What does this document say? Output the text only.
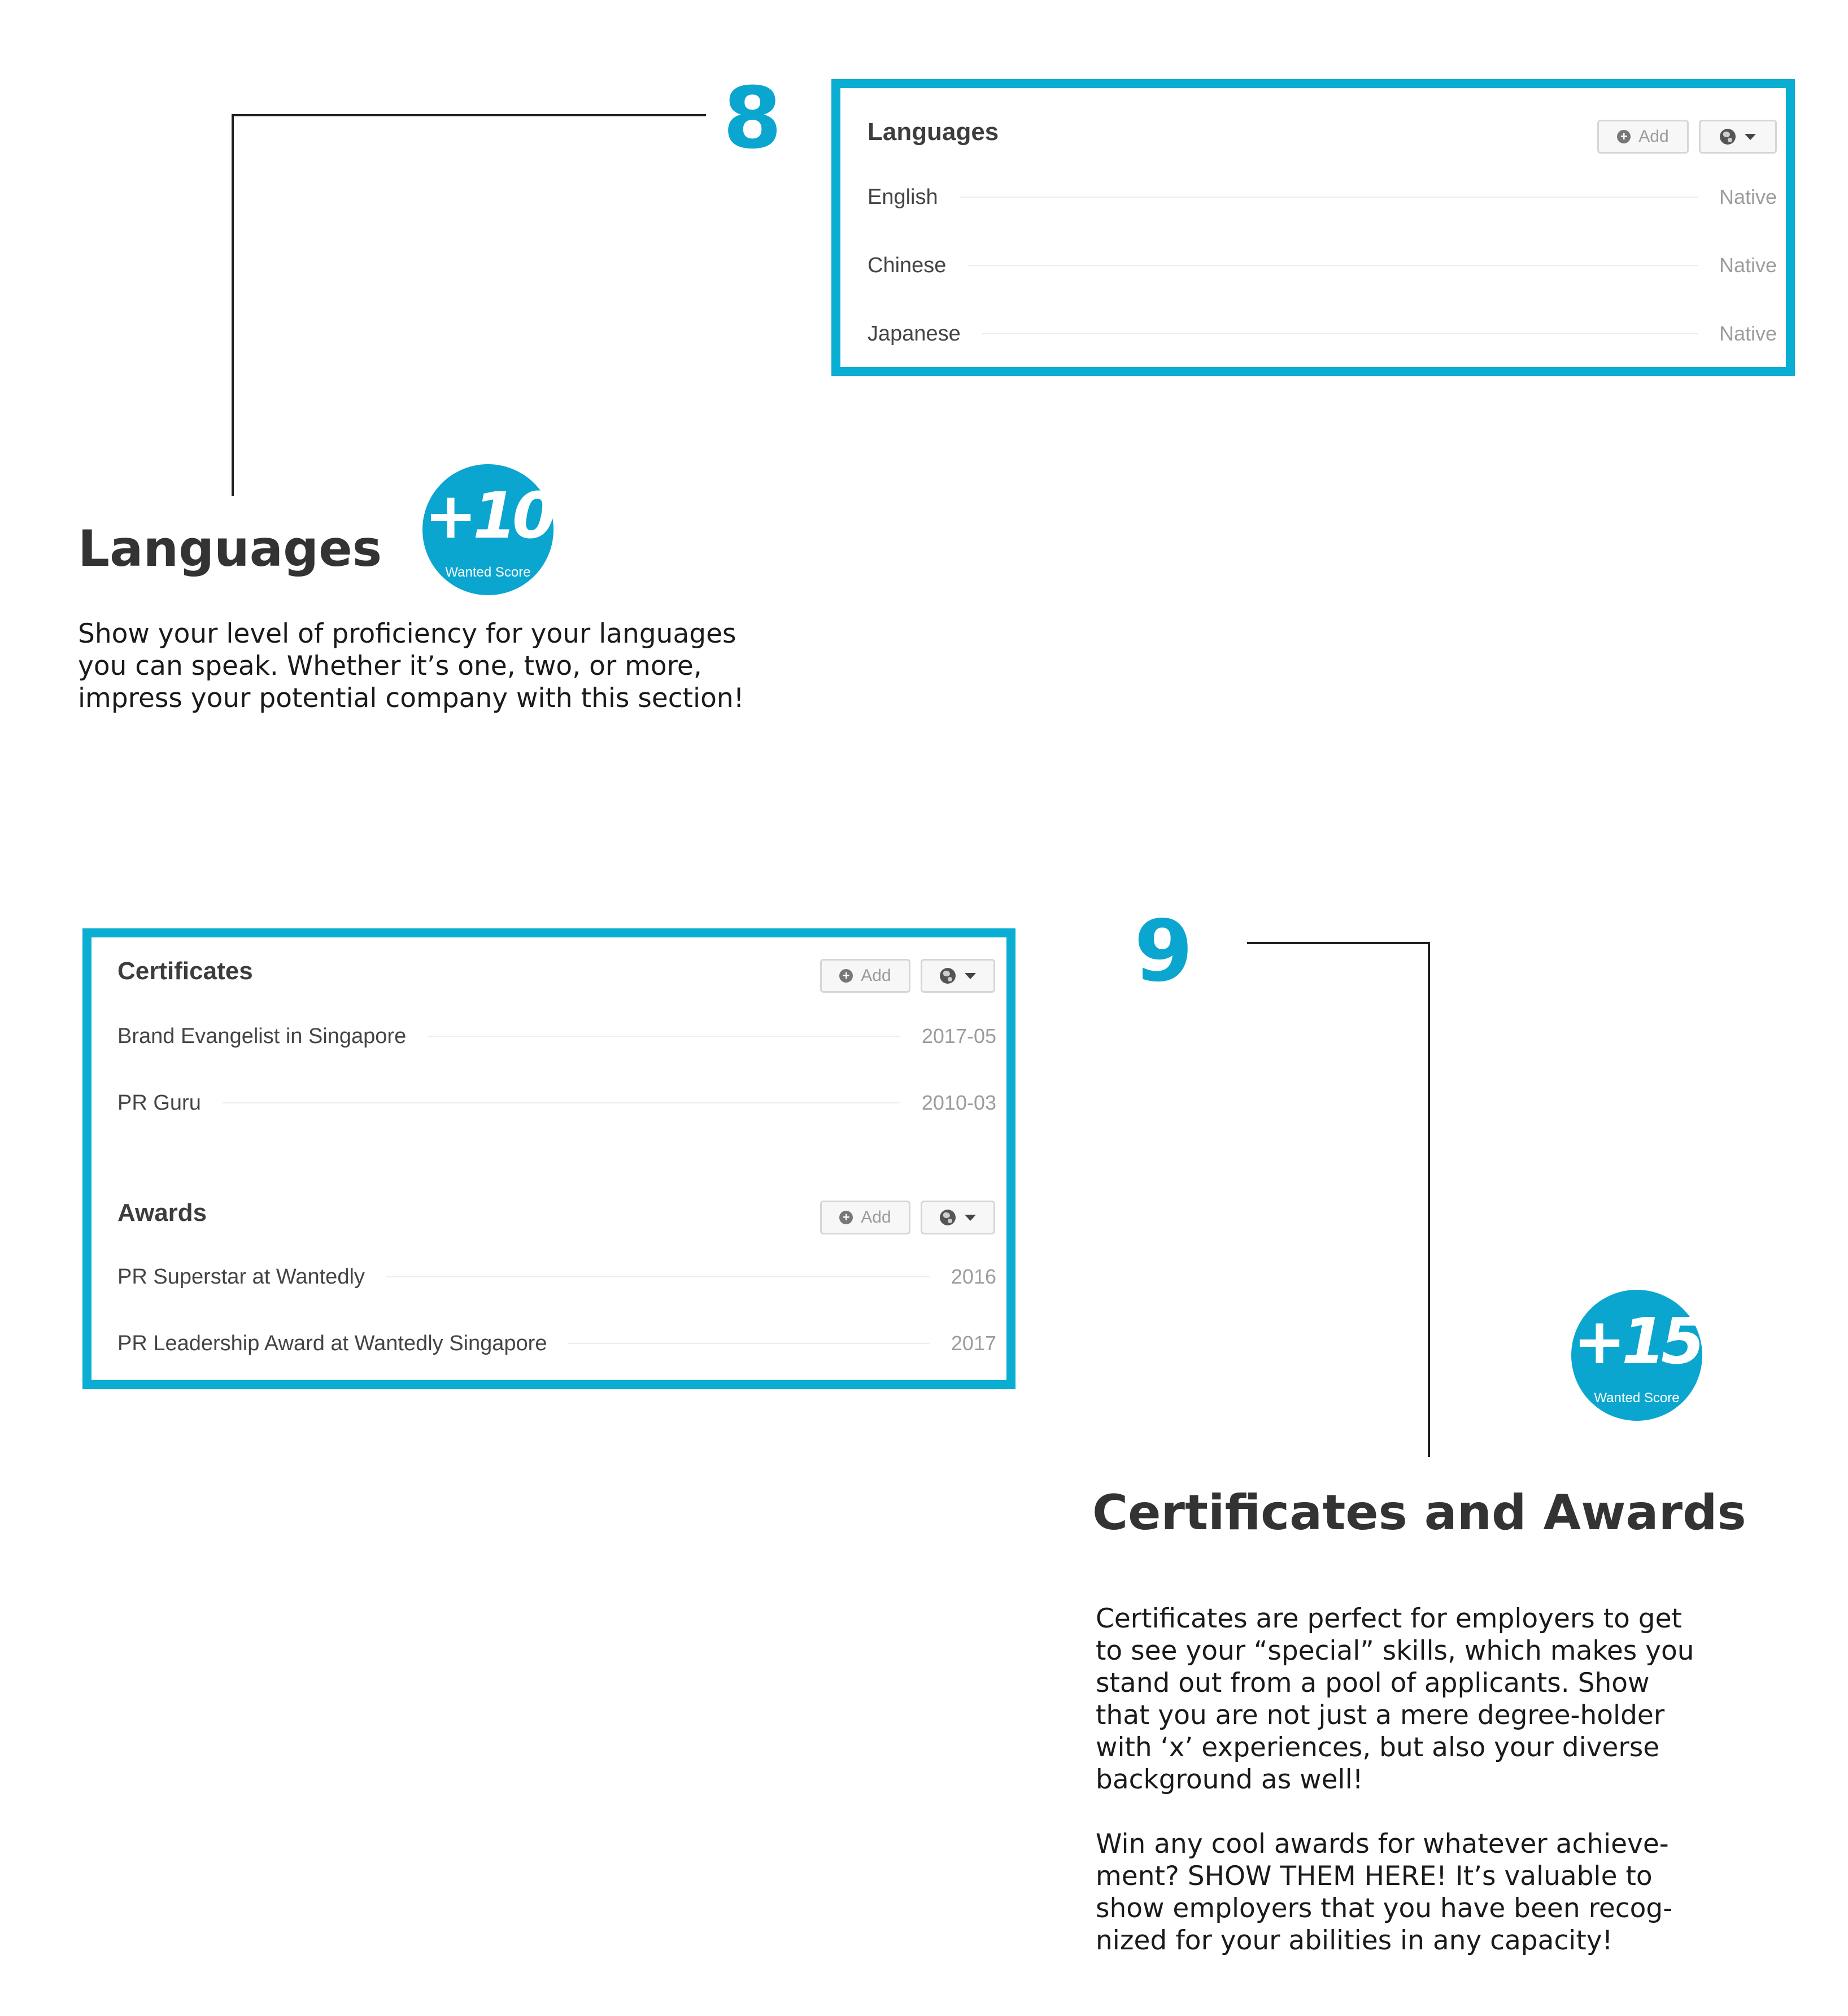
8
Languages +10
Wanted Score

Show your level of proficiency for your languages
you can speak. Whether it’s one, two, or more,
impress your potential company with this section!

Languages	+ Add
English	Native
Chinese	Native
Japanese	Native
9
+15
Wanted Score
Certificates and Awards

Certificates are perfect for employers to get
to see your “special” skills, which makes you
stand out from a pool of applicants. Show
that you are not just a mere degree-holder
with ‘x’ experiences, but also your diverse
background as well!

Win any cool awards for whatever achieve-
ment? SHOW THEM HERE! It’s valuable to
show employers that you have been recog-
nized for your abilities in any capacity!

Certificates	+ Add
Brand Evangelist in Singapore	2017-05
PR Guru	2010-03
Awards	+ Add
PR Superstar at Wantedly	2016
PR Leadership Award at Wantedly Singapore	2017
